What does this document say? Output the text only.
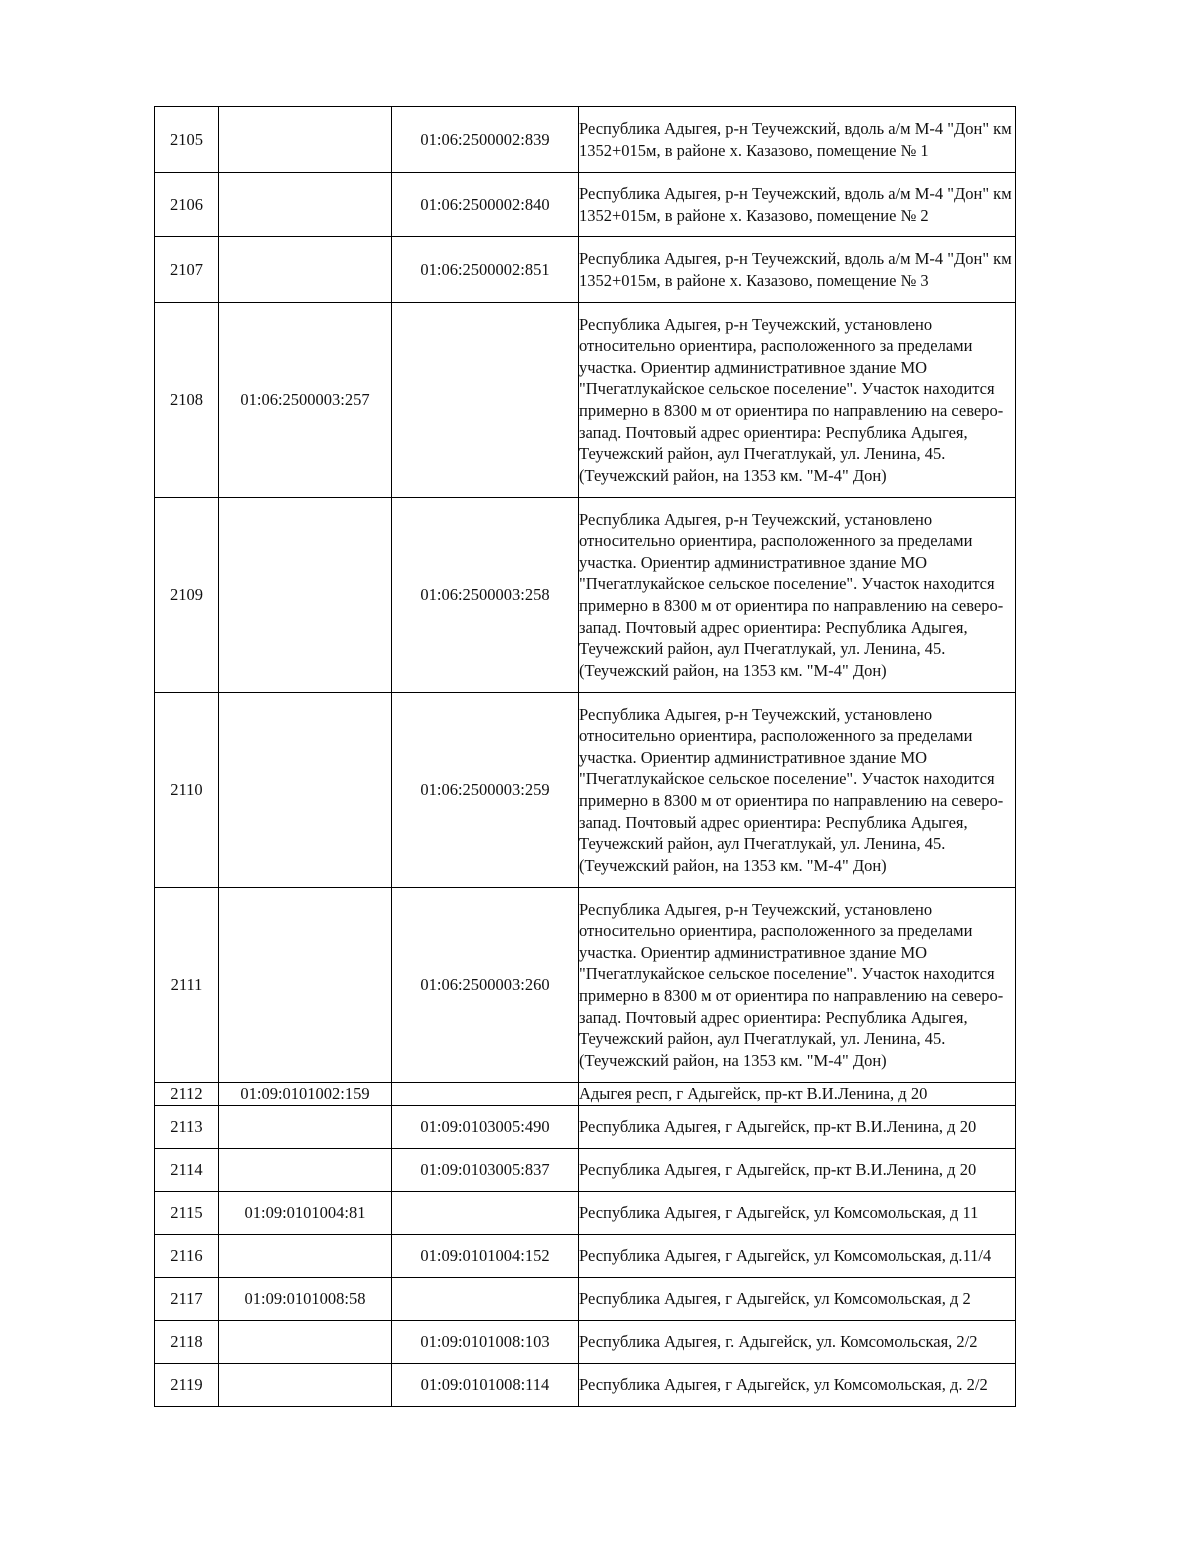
2105		01:06:2500002:839	Республика Адыгея, р-н Теучежский, вдоль а/м М-4 "Дон" км 1352+015м, в районе х. Казазово, помещение № 1

2106		01:06:2500002:840	Республика Адыгея, р-н Теучежский, вдоль а/м М-4 "Дон" км 1352+015м, в районе х. Казазово, помещение № 2

2107		01:06:2500002:851	Республика Адыгея, р-н Теучежский, вдоль а/м М-4 "Дон" км 1352+015м, в районе х. Казазово, помещение № 3

2108	01:06:2500003:257		Республика Адыгея, р-н Теучежский, установлено относительно ориентира, расположенного за пределами участка. Ориентир административное здание МО "Пчегатлукайское сельское поселение". Участок находится примерно в 8300 м от ориентира по направлению на северо-запад. Почтовый адрес ориентира: Республика Адыгея, Теучежский район, аул Пчегатлукай, ул. Ленина, 45. (Теучежский район, на 1353 км. "М-4" Дон)

2109		01:06:2500003:258	Республика Адыгея, р-н Теучежский, установлено относительно ориентира, расположенного за пределами участка. Ориентир административное здание МО "Пчегатлукайское сельское поселение". Участок находится примерно в 8300 м от ориентира по направлению на северо-запад. Почтовый адрес ориентира: Республика Адыгея, Теучежский район, аул Пчегатлукай, ул. Ленина, 45. (Теучежский район, на 1353 км. "М-4" Дон)

2110		01:06:2500003:259	Республика Адыгея, р-н Теучежский, установлено относительно ориентира, расположенного за пределами участка. Ориентир административное здание МО "Пчегатлукайское сельское поселение". Участок находится примерно в 8300 м от ориентира по направлению на северо-запад. Почтовый адрес ориентира: Республика Адыгея, Теучежский район, аул Пчегатлукай, ул. Ленина, 45. (Теучежский район, на 1353 км. "М-4" Дон)

2111		01:06:2500003:260	Республика Адыгея, р-н Теучежский, установлено относительно ориентира, расположенного за пределами участка. Ориентир административное здание МО "Пчегатлукайское сельское поселение". Участок находится примерно в 8300 м от ориентира по направлению на северо-запад. Почтовый адрес ориентира: Республика Адыгея, Теучежский район, аул Пчегатлукай, ул. Ленина, 45. (Теучежский район, на 1353 км. "М-4" Дон)

2112	01:09:0101002:159		Адыгея респ, г Адыгейск, пр-кт В.И.Ленина, д 20

2113		01:09:0103005:490	Республика Адыгея, г Адыгейск, пр-кт В.И.Ленина, д 20

2114		01:09:0103005:837	Республика Адыгея, г Адыгейск, пр-кт В.И.Ленина, д 20

2115	01:09:0101004:81		Республика Адыгея, г Адыгейск, ул Комсомольская, д 11

2116		01:09:0101004:152	Республика Адыгея, г Адыгейск, ул Комсомольская, д.11/4

2117	01:09:0101008:58		Республика Адыгея, г Адыгейск, ул Комсомольская, д 2

2118		01:09:0101008:103	Республика Адыгея, г. Адыгейск, ул. Комсомольская, 2/2

2119		01:09:0101008:114	Республика Адыгея, г Адыгейск, ул Комсомольская, д. 2/2
